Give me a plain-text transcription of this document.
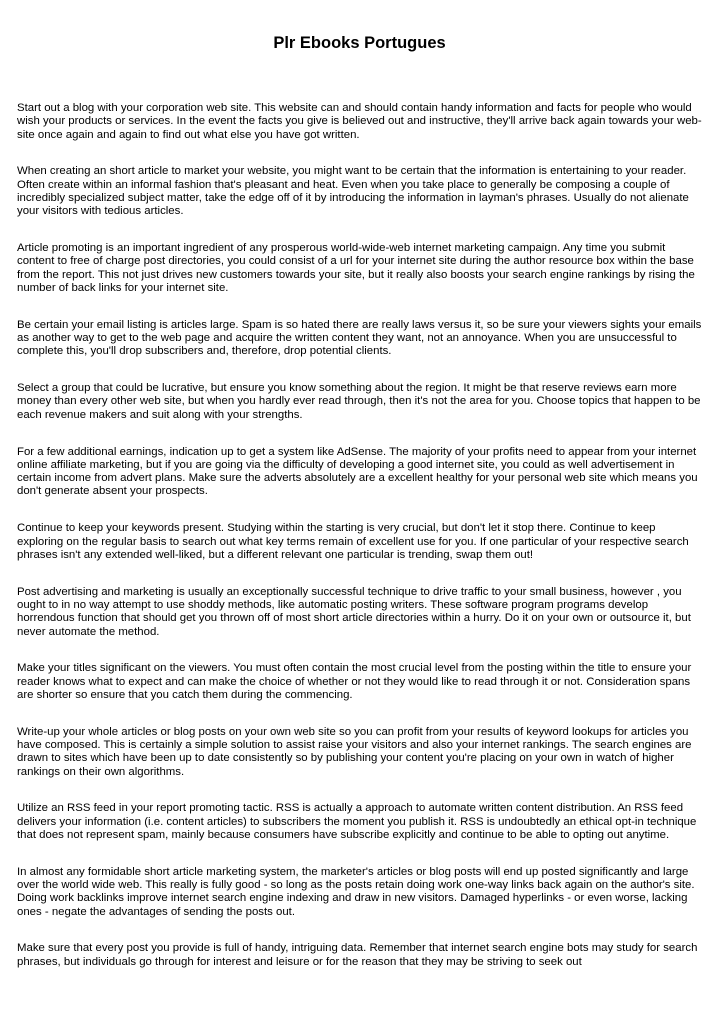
Plr Ebooks Portugues

Start out a blog with your corporation web site. This website can and should contain handy information and facts for people who would wish your products or services. In the event the facts you give is believed out and instructive, they'll arrive back again towards your web-site once again and again to find out what else you have got written.

When creating an short article to market your website, you might want to be certain that the information is entertaining to your reader. Often create within an informal fashion that's pleasant and heat. Even when you take place to generally be composing a couple of incredibly specialized subject matter, take the edge off of it by introducing the information in layman's phrases. Usually do not alienate your visitors with tedious articles.

Article promoting is an important ingredient of any prosperous world-wide-web internet marketing campaign. Any time you submit content to free of charge post directories, you could consist of a url for your internet site during the author resource box within the base from the report. This not just drives new customers towards your site, but it really also boosts your search engine rankings by rising the number of back links for your internet site.

Be certain your email listing is articles large. Spam is so hated there are really laws versus it, so be sure your viewers sights your emails as another way to get to the web page and acquire the written content they want, not an annoyance. When you are unsuccessful to complete this, you'll drop subscribers and, therefore, drop potential clients.

Select a group that could be lucrative, but ensure you know something about the region. It might be that reserve reviews earn more money than every other web site, but when you hardly ever read through, then it's not the area for you. Choose topics that happen to be each revenue makers and suit along with your strengths.

For a few additional earnings, indication up to get a system like AdSense. The majority of your profits need to appear from your internet online affiliate marketing, but if you are going via the difficulty of developing a good internet site, you could as well advertisement in certain income from advert plans. Make sure the adverts absolutely are a excellent healthy for your personal web site which means you don't generate absent your prospects.

Continue to keep your keywords present. Studying within the starting is very crucial, but don't let it stop there. Continue to keep exploring on the regular basis to search out what key terms remain of excellent use for you. If one particular of your respective search phrases isn't any extended well-liked, but a different relevant one particular is trending, swap them out!

Post advertising and marketing is usually an exceptionally successful technique to drive traffic to your small business, however , you ought to in no way attempt to use shoddy methods, like automatic posting writers. These software program programs develop horrendous function that should get you thrown off of most short article directories within a hurry. Do it on your own or outsource it, but never automate the method.

Make your titles significant on the viewers. You must often contain the most crucial level from the posting within the title to ensure your reader knows what to expect and can make the choice of whether or not they would like to read through it or not. Consideration spans are shorter so ensure that you catch them during the commencing.

Write-up your whole articles or blog posts on your own web site so you can profit from your results of keyword lookups for articles you have composed. This is certainly a simple solution to assist raise your visitors and also your internet rankings. The search engines are drawn to sites which have been up to date consistently so by publishing your content you're placing on your own in watch of higher rankings on their own algorithms.

Utilize an RSS feed in your report promoting tactic. RSS is actually a approach to automate written content distribution. An RSS feed delivers your information (i.e. content articles) to subscribers the moment you publish it. RSS is undoubtedly an ethical opt-in technique that does not represent spam, mainly because consumers have subscribe explicitly and continue to be able to opting out anytime.

In almost any formidable short article marketing system, the marketer's articles or blog posts will end up posted significantly and large over the world wide web. This really is fully good - so long as the posts retain doing work one-way links back again on the author's site. Doing work backlinks improve internet search engine indexing and draw in new visitors. Damaged hyperlinks - or even worse, lacking ones - negate the advantages of sending the posts out.

Make sure that every post you provide is full of handy, intriguing data. Remember that internet search engine bots may study for search phrases, but individuals go through for interest and leisure or for the reason that they may be striving to seek out
